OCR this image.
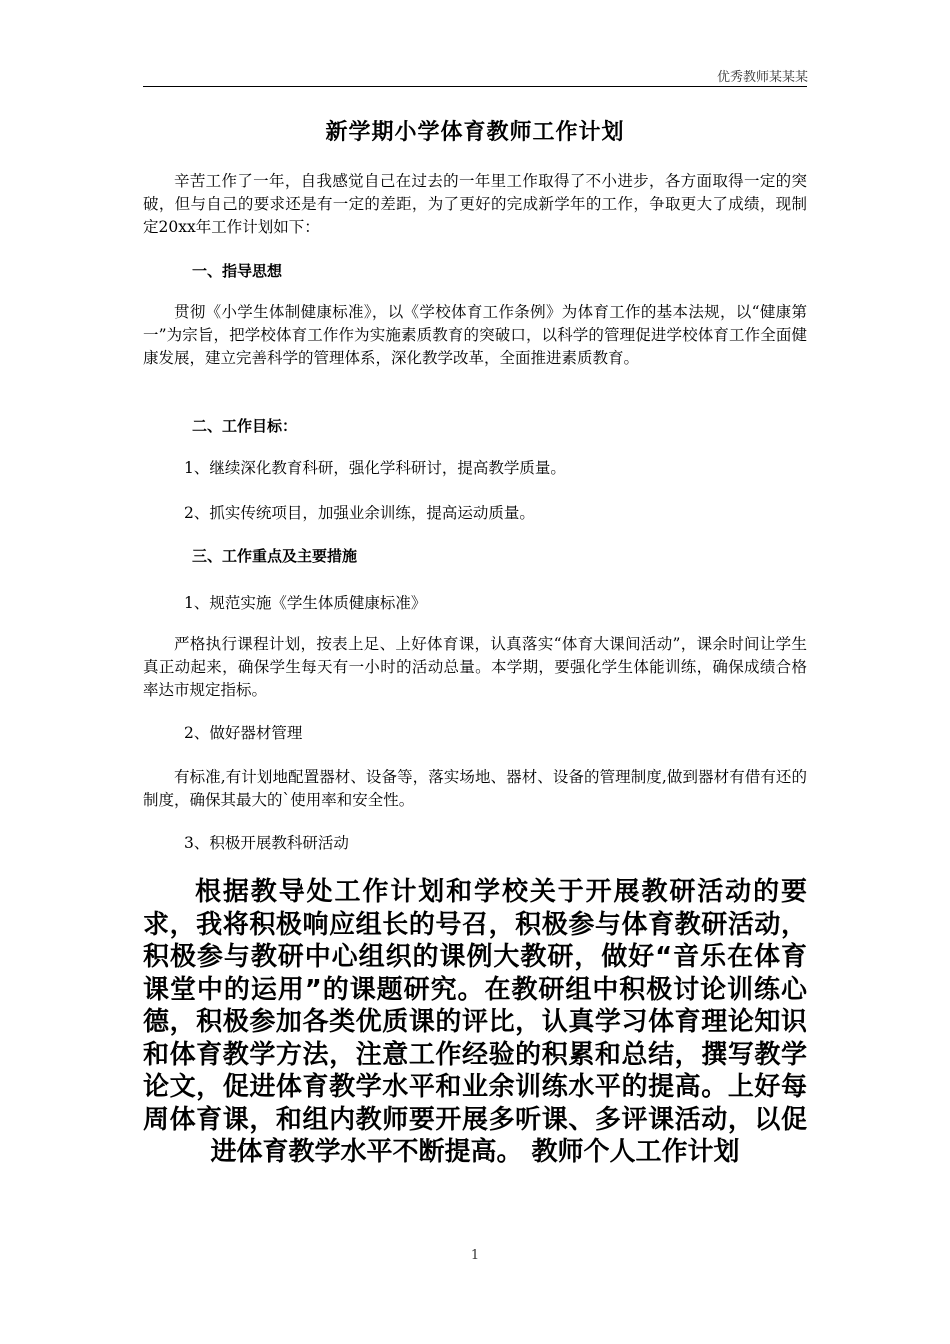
优秀教师某某某
新学期小学体育教师工作计划

辛苦工作了一年，自我感觉自己在过去的一年里工作取得了不小进步，各方面取得一定的突破，但与自己的要求还是有一定的差距，为了更好的完成新学年的工作，争取更大了成绩，现制定20xx年工作计划如下：

一、指导思想

贯彻《小学生体制健康标准》，以《学校体育工作条例》为体育工作的基本法规，以“健康第一”为宗旨，把学校体育工作作为实施素质教育的突破口，以科学的管理促进学校体育工作全面健康发展，建立完善科学的管理体系，深化教学改革，全面推进素质教育。

二、工作目标：

1、继续深化教育科研，强化学科研讨，提高教学质量。

2、抓实传统项目，加强业余训练，提高运动质量。

三、工作重点及主要措施

1、规范实施《学生体质健康标准》

严格执行课程计划，按表上足、上好体育课，认真落实“体育大课间活动”，课余时间让学生真正动起来，确保学生每天有一小时的活动总量。本学期，要强化学生体能训练，确保成绩合格率达市规定指标。

2、做好器材管理

有标准,有计划地配置器材、设备等，落实场地、器材、设备的管理制度,做到器材有借有还的制度，确保其最大的`使用率和安全性。

3、积极开展教科研活动

根据教导处工作计划和学校关于开展教研活动的要求，我将积极响应组长的号召，积极参与体育教研活动，积极参与教研中心组织的课例大教研，做好“音乐在体育课堂中的运用”的课题研究。在教研组中积极讨论训练心德，积极参加各类优质课的评比，认真学习体育理论知识和体育教学方法，注意工作经验的积累和总结，撰写教学论文，促进体育教学水平和业余训练水平的提高。上好每周体育课，和组内教师要开展多听课、多评课活动，以促进体育教学水平不断提高。 教师个人工作计划

1
